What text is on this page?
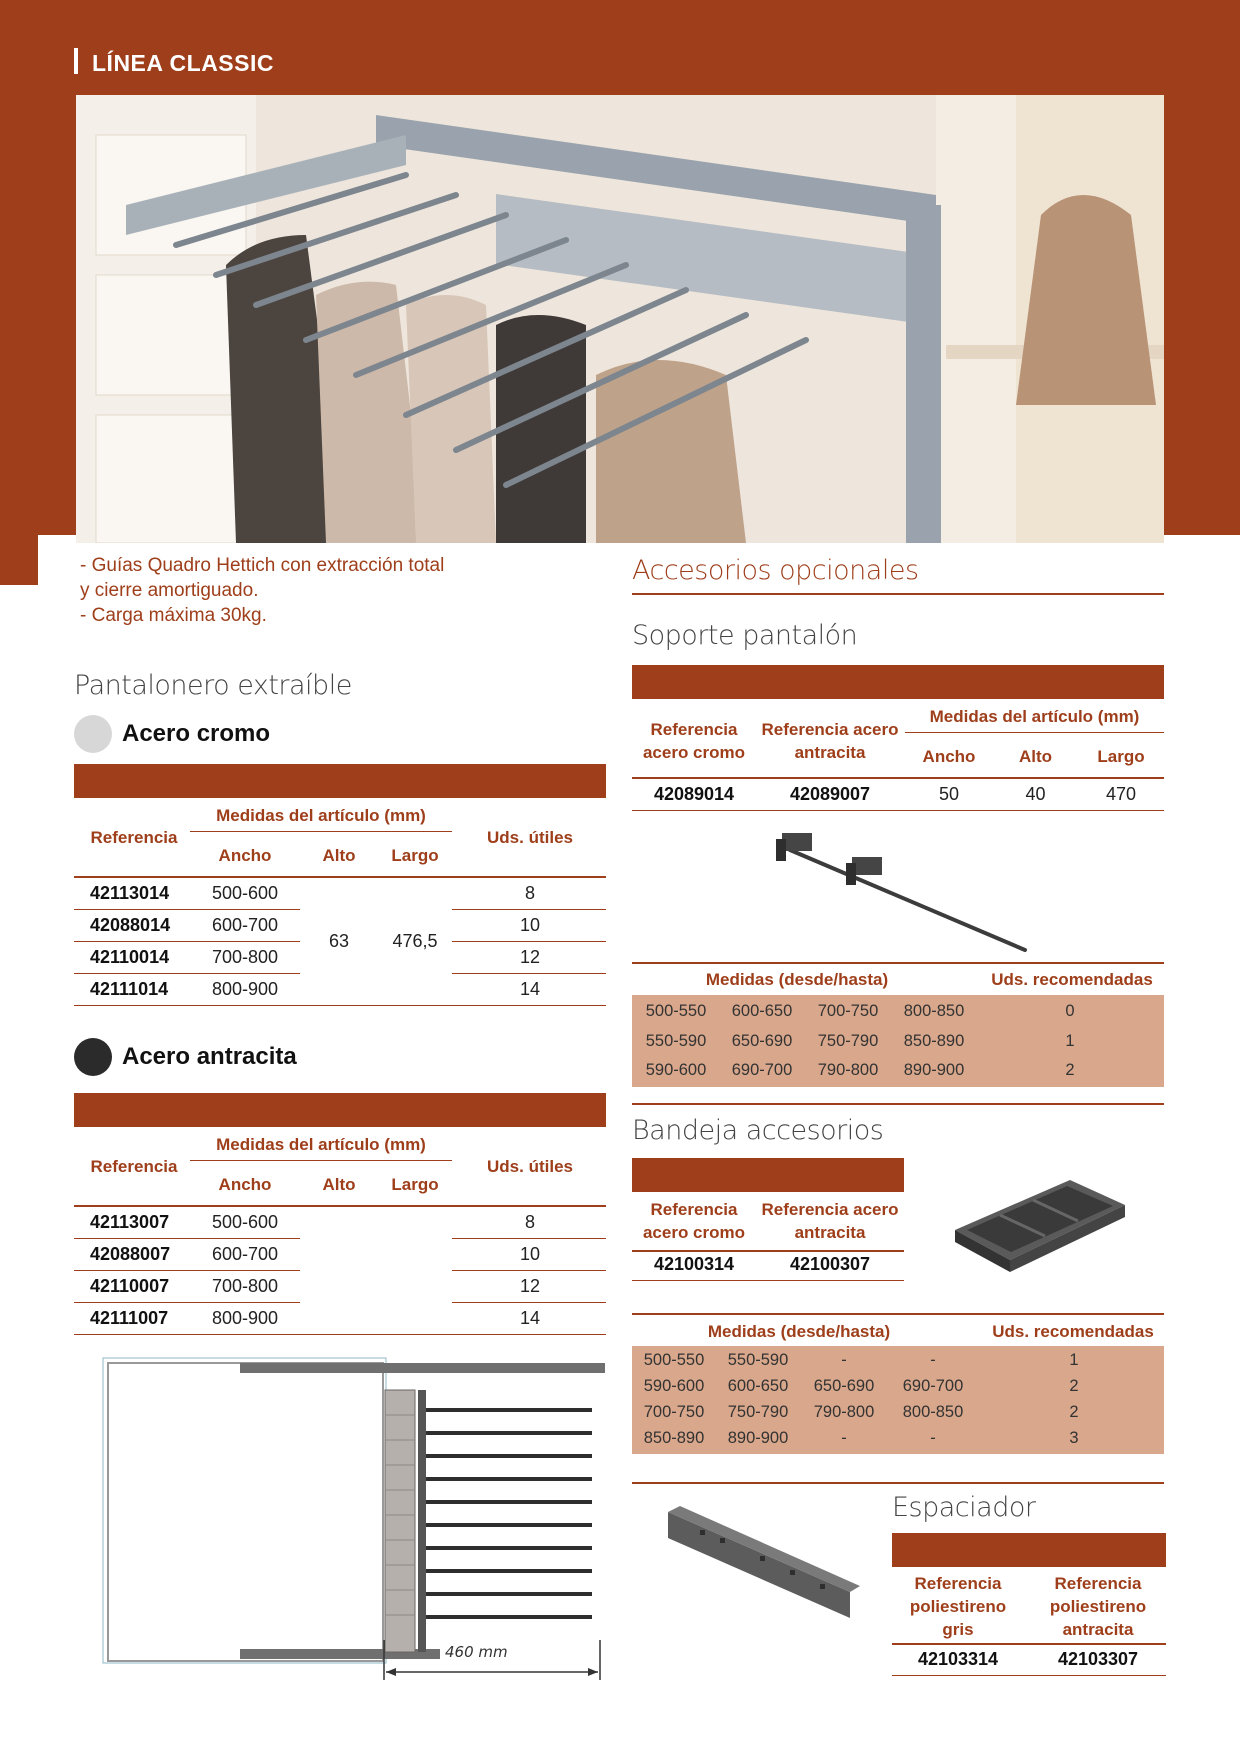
LÍNEA CLASSIC
- Guías Quadro Hettich con extracción total
y cierre amortiguado.
- Carga máxima 30kg.
Pantalonero extraíble
Acero cromo
Referencia
Medidas del artículo (mm)
Ancho	Alto	Largo
Uds. útiles
42113014	500-600	8
42088014	600-700	10
42110014	700-800	12
42111014	800-900	14
63	476,5
Acero antracita
Referencia
Medidas del artículo (mm)
Ancho	Alto	Largo
Uds. útiles
42113007	500-600	8
42088007	600-700	10
42110007	700-800	12
42111007	800-900	14
460 mm
Accesorios opcionales
Soporte pantalón
Referencia acero cromo
Referencia acero antracita
Medidas del artículo (mm)
Ancho	Alto	Largo
42089014	42089007	50	40	470
Medidas (desde/hasta)	Uds. recomendadas
500-550	600-650	700-750	800-850	0
550-590	650-690	750-790	850-890	1
590-600	690-700	790-800	890-900	2
Bandeja accesorios
Referencia acero cromo
Referencia acero antracita
42100314	42100307
Medidas (desde/hasta)	Uds. recomendadas
500-550	550-590	-	-	1
590-600	600-650	650-690	690-700	2
700-750	750-790	790-800	800-850	2
850-890	890-900	-	-	3
Espaciador
Referencia poliestireno gris
Referencia poliestireno antracita
42103314	42103307
